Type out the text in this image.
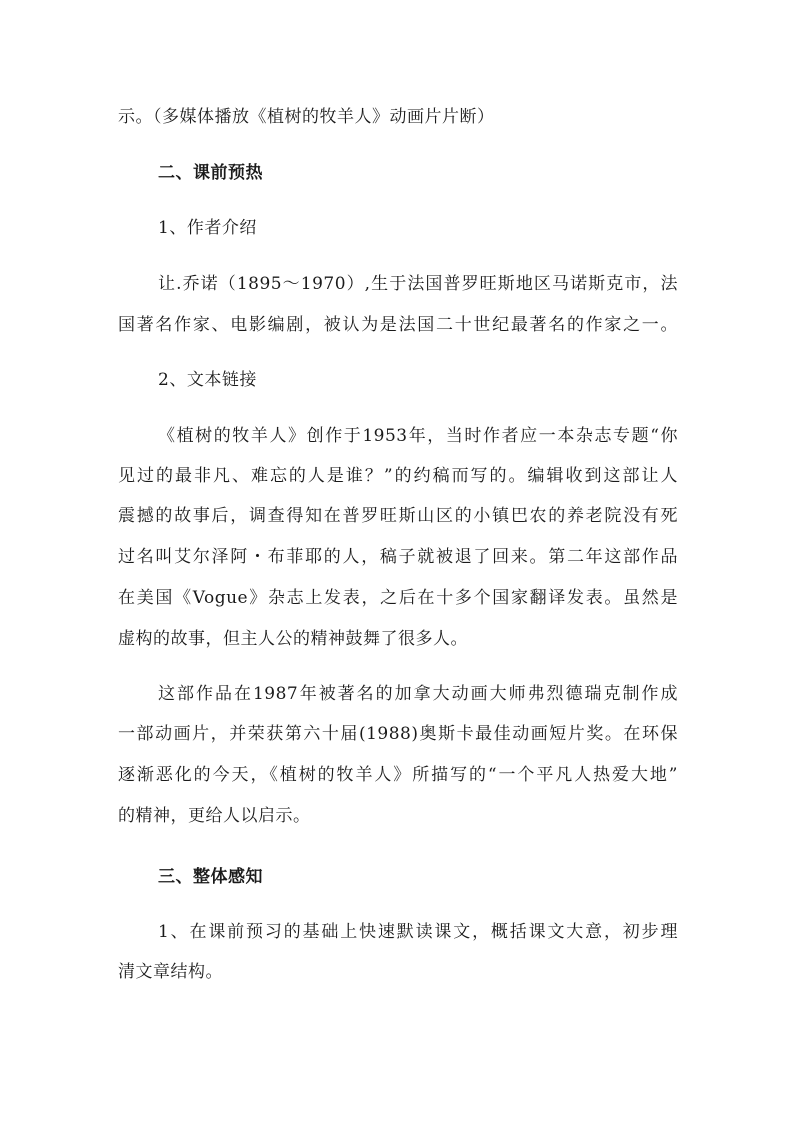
示。（多媒体播放《植树的牧羊人》动画片片断）
二、课前预热
1、作者介绍
让.乔诺（1895～1970）,生于法国普罗旺斯地区马诺斯克市，法
国著名作家、电影编剧，被认为是法国二十世纪最著名的作家之一。
2、文本链接
《植树的牧羊人》创作于1953年，当时作者应一本杂志专题“你
见过的最非凡、难忘的人是谁？”的约稿而写的。编辑收到这部让人
震撼的故事后，调查得知在普罗旺斯山区的小镇巴农的养老院没有死
过名叫艾尔泽阿・布菲耶的人，稿子就被退了回来。第二年这部作品
在美国《Vogue》杂志上发表，之后在十多个国家翻译发表。虽然是
虚构的故事，但主人公的精神鼓舞了很多人。
这部作品在1987年被著名的加拿大动画大师弗烈德瑞克制作成
一部动画片，并荣获第六十届(1988)奥斯卡最佳动画短片奖。在环保
逐渐恶化的今天，《植树的牧羊人》所描写的“一个平凡人热爱大地”
的精神，更给人以启示。
三、整体感知
1、在课前预习的基础上快速默读课文，概括课文大意，初步理
清文章结构。
